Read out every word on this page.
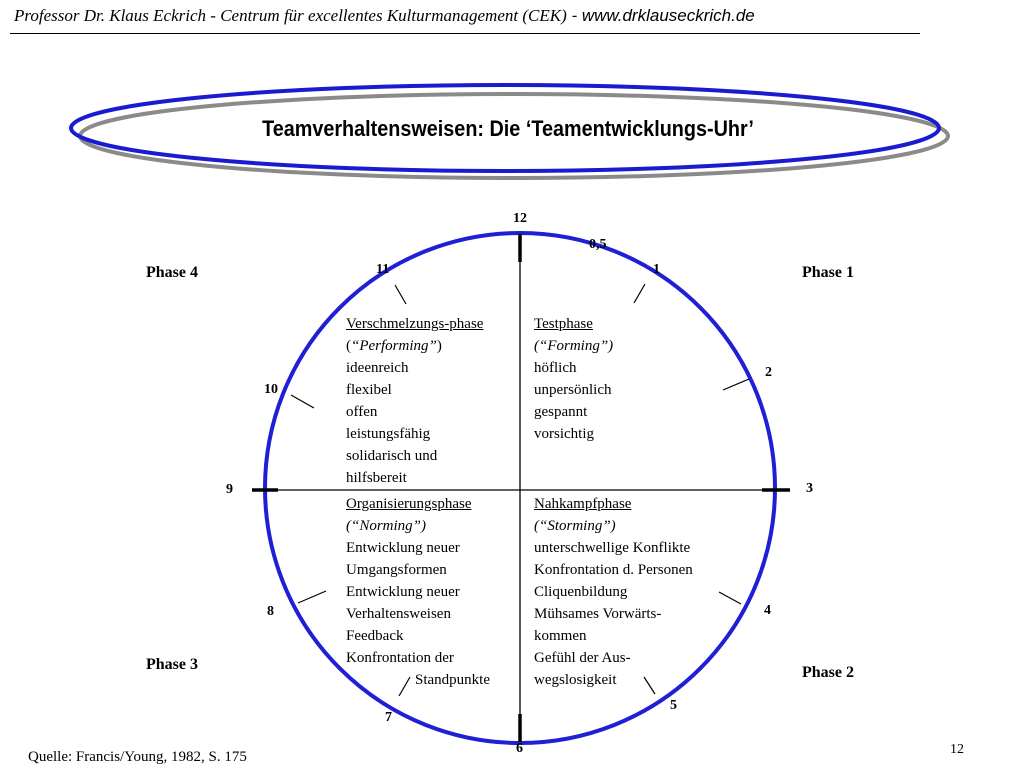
Professor Dr. Klaus Eckrich - Centrum für excellentes Kulturmanagement (CEK) - www.drklauseckrich.de
Teamverhaltensweisen: Die ‘Teamentwicklungs-Uhr’
12
0,5
1
2
3
4
5
6
7
8
9
10
11
Phase 4	Phase 1
Phase 3	Phase 2
Verschmelzungs-phase
(“Performing”)
ideenreich
flexibel
offen
leistungsfähig
solidarisch und
hilfsbereit
Testphase
(“Forming”)
höflich
unpersönlich
gespannt
vorsichtig
Organisierungsphase
(“Norming”)
Entwicklung neuer
Umgangsformen
Entwicklung neuer
Verhaltensweisen
Feedback
Konfrontation der
Standpunkte
Nahkampfphase
(“Storming”)
unterschwellige Konflikte
Konfrontation d. Personen
Cliquenbildung
Mühsames Vorwärts-
kommen
Gefühl der Aus-
wegslosigkeit
Quelle: Francis/Young, 1982, S. 175	12
